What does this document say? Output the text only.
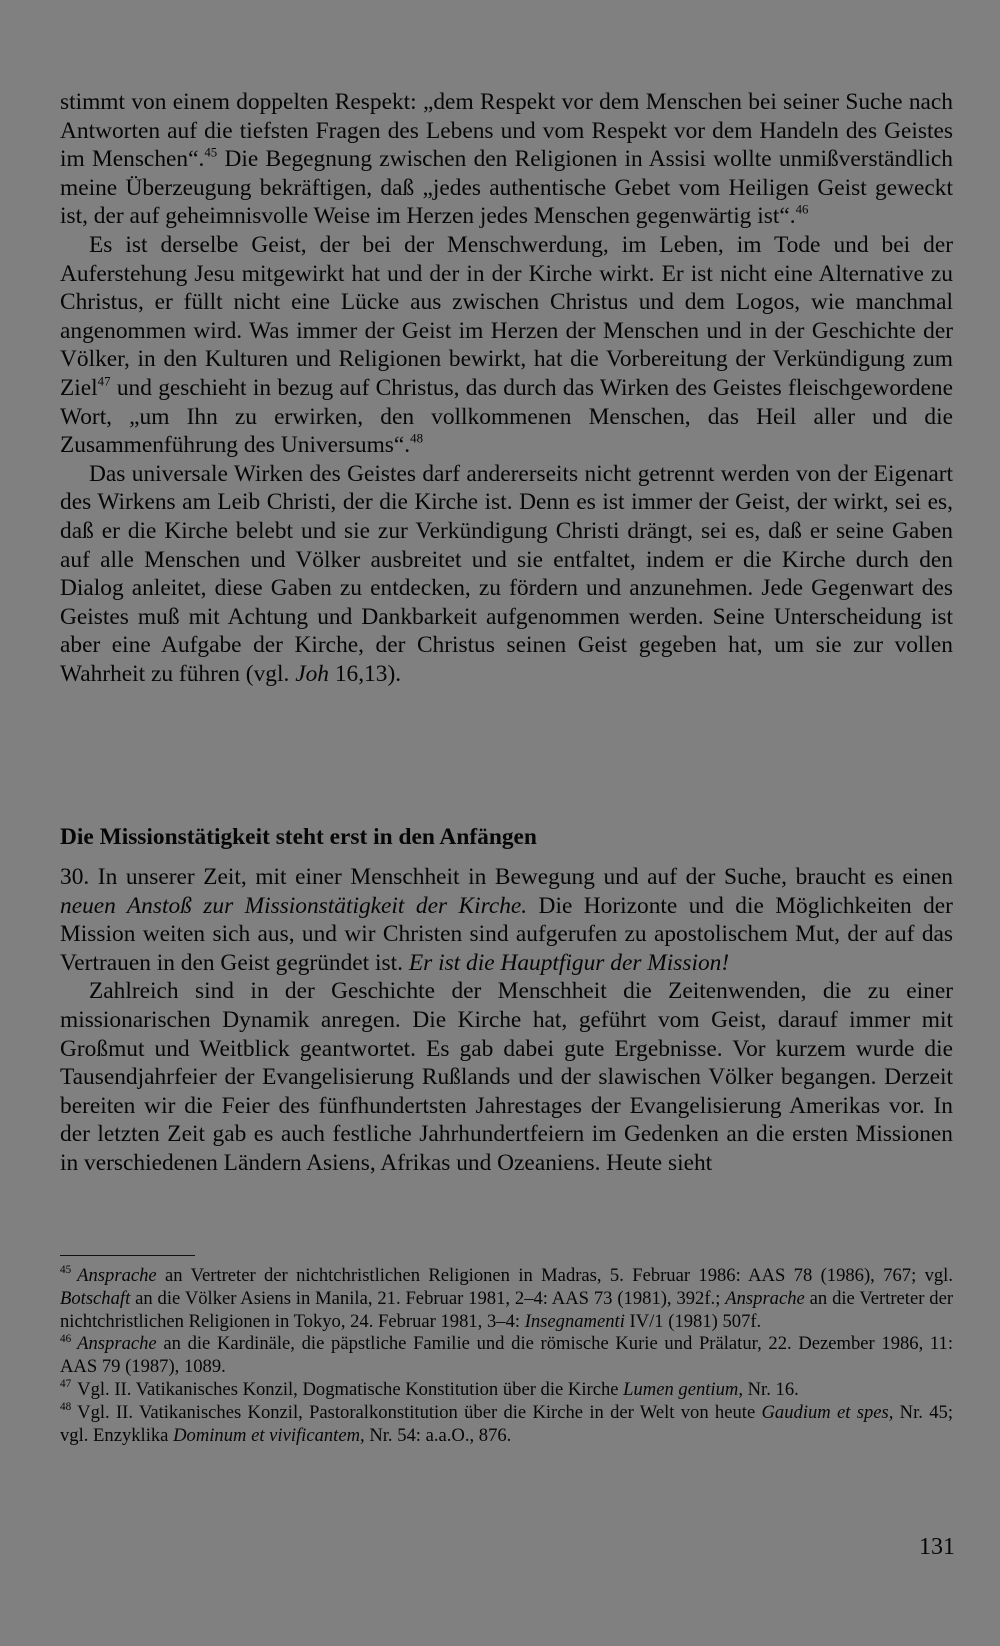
stimmt von einem doppelten Respekt: „dem Respekt vor dem Menschen bei seiner Suche nach Antworten auf die tiefsten Fragen des Lebens und vom Respekt vor dem Handeln des Geistes im Menschen“.$^{45}$ Die Begegnung zwischen den Religionen in Assisi wollte unmißverständlich meine Überzeugung bekräftigen, daß „jedes authentische Gebet vom Heiligen Geist geweckt ist, der auf geheimnisvolle Weise im Herzen jedes Menschen gegenwärtig ist“.$^{46}$

Es ist derselbe Geist, der bei der Menschwerdung, im Leben, im Tode und bei der Auferstehung Jesu mitgewirkt hat und der in der Kirche wirkt. Er ist nicht eine Alternative zu Christus, er füllt nicht eine Lücke aus zwischen Christus und dem Logos, wie manchmal angenommen wird. Was immer der Geist im Herzen der Menschen und in der Geschichte der Völker, in den Kulturen und Religionen bewirkt, hat die Vorbereitung der Verkündigung zum Ziel$^{47}$ und geschieht in bezug auf Christus, das durch das Wirken des Geistes fleischgewordene Wort, „um Ihn zu erwirken, den vollkommenen Menschen, das Heil aller und die Zusammenführung des Universums“.$^{48}$

Das universale Wirken des Geistes darf andererseits nicht getrennt werden von der Eigenart des Wirkens am Leib Christi, der die Kirche ist. Denn es ist immer der Geist, der wirkt, sei es, daß er die Kirche belebt und sie zur Verkündigung Christi drängt, sei es, daß er seine Gaben auf alle Menschen und Völker ausbreitet und sie entfaltet, indem er die Kirche durch den Dialog anleitet, diese Gaben zu entdecken, zu fördern und anzunehmen. Jede Gegenwart des Geistes muß mit Achtung und Dankbarkeit aufgenommen werden. Seine Unterscheidung ist aber eine Aufgabe der Kirche, der Christus seinen Geist gegeben hat, um sie zur vollen Wahrheit zu führen (vgl. Joh 16,13).

Die Missionstätigkeit steht erst in den Anfängen

30. In unserer Zeit, mit einer Menschheit in Bewegung und auf der Suche, braucht es einen neuen Anstoß zur Missionstätigkeit der Kirche. Die Horizonte und die Möglichkeiten der Mission weiten sich aus, und wir Christen sind aufgerufen zu apostolischem Mut, der auf das Vertrauen in den Geist gegründet ist. Er ist die Hauptfigur der Mission!

Zahlreich sind in der Geschichte der Menschheit die Zeitenwenden, die zu einer missionarischen Dynamik anregen. Die Kirche hat, geführt vom Geist, darauf immer mit Großmut und Weitblick geantwortet. Es gab dabei gute Ergebnisse. Vor kurzem wurde die Tausendjahrfeier der Evangelisierung Rußlands und der slawischen Völker begangen. Derzeit bereiten wir die Feier des fünfhundertsten Jahrestages der Evangelisierung Amerikas vor. In der letzten Zeit gab es auch festliche Jahrhundertfeiern im Gedenken an die ersten Missionen in verschiedenen Ländern Asiens, Afrikas und Ozeaniens. Heute sieht

$^{45}$ Ansprache an Vertreter der nichtchristlichen Religionen in Madras, 5. Februar 1986: AAS 78 (1986), 767; vgl. Botschaft an die Völker Asiens in Manila, 21. Februar 1981, 2–4: AAS 73 (1981), 392f.; Ansprache an die Vertreter der nichtchristlichen Religionen in Tokyo, 24. Februar 1981, 3–4: Insegnamenti IV/1 (1981) 507f.

$^{46}$ Ansprache an die Kardinäle, die päpstliche Familie und die römische Kurie und Prälatur, 22. Dezember 1986, 11: AAS 79 (1987), 1089.

$^{47}$ Vgl. II. Vatikanisches Konzil, Dogmatische Konstitution über die Kirche Lumen gentium, Nr. 16.

$^{48}$ Vgl. II. Vatikanisches Konzil, Pastoralkonstitution über die Kirche in der Welt von heute Gaudium et spes, Nr. 45; vgl. Enzyklika Dominum et vivificantem, Nr. 54: a.a.O., 876.

131
